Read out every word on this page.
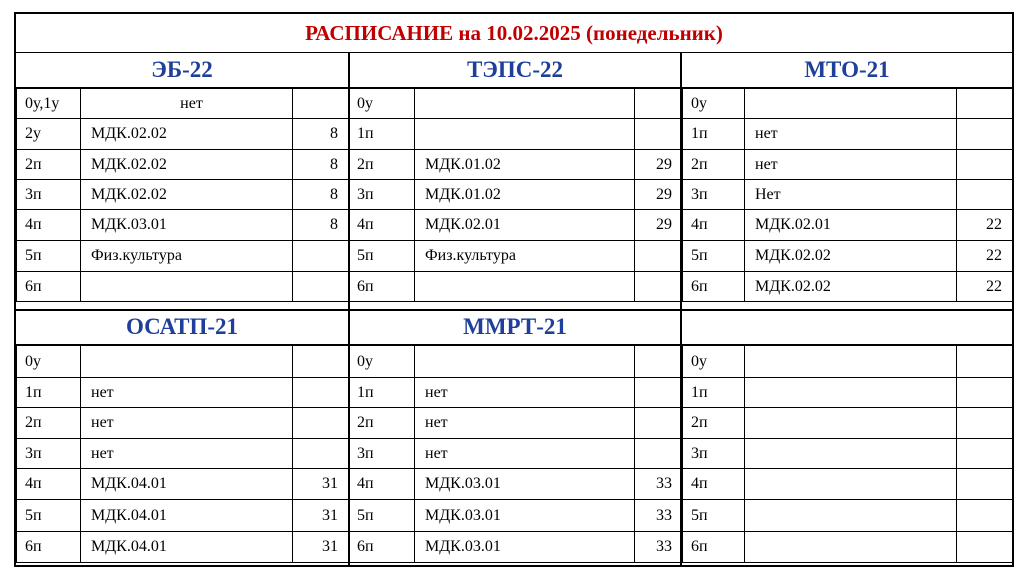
РАСПИСАНИЕ на 10.02.2025 (понедельник)
ЭБ-22
0у,1у	нет	
2у	МДК.02.02	8
2п	МДК.02.02	8
3п	МДК.02.02	8
4п	МДК.03.01	8
5п	Физ.культура	
6п		
ТЭПС-22
0у		
1п		
2п	МДК.01.02	29
3п	МДК.01.02	29
4п	МДК.02.01	29
5п	Физ.культура	
6п		
МТО-21
0у		
1п	нет	
2п	нет	
3п	Нет	
4п	МДК.02.01	22
5п	МДК.02.02	22
6п	МДК.02.02	22
ОСАТП-21
0у		
1п	нет	
2п	нет	
3п	нет	
4п	МДК.04.01	31
5п	МДК.04.01	31
6п	МДК.04.01	31
ММРТ-21
0у		
1п	нет	
2п	нет	
3п	нет	
4п	МДК.03.01	33
5п	МДК.03.01	33
6п	МДК.03.01	33
0у		
1п		
2п		
3п		
4п		
5п		
6п		
